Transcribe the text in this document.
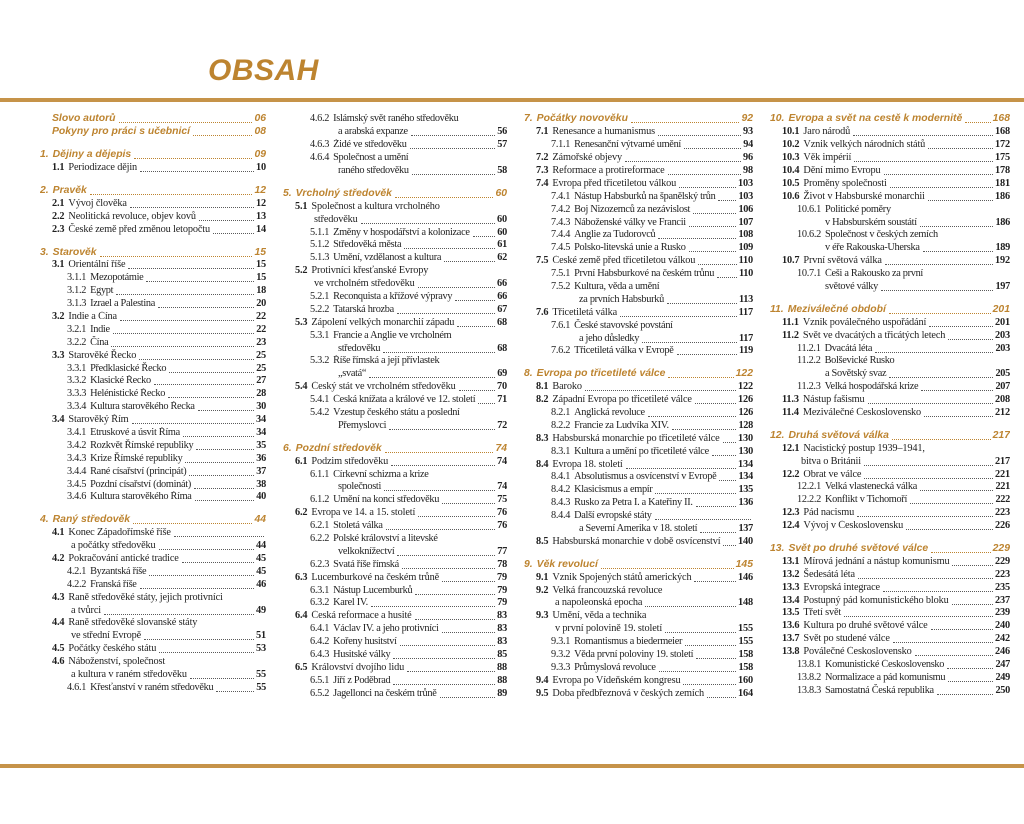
OBSAH
Slovo autorů	06
Pokyny pro práci s učebnicí	08
1. Dějiny a dějepis	09
1.1 Periodizace dějin	10
2. Pravěk	12
2.1 Vývoj člověka	12
2.2 Neolitická revoluce, objev kovů	13
2.3 České země před změnou letopočtu	14
3. Starověk	15
3.1 Orientální říše	15
3.1.1 Mezopotámie	15
3.1.2 Egypt	18
3.1.3 Izrael a Palestina	20
3.2 Indie a Čína	22
3.2.1 Indie	22
3.2.2 Čína	23
3.3 Starověké Řecko	25
3.3.1 Předklasické Řecko	25
3.3.2 Klasické Řecko	27
3.3.3 Helénistické Řecko	28
3.3.4 Kultura starověkého Řecka	30
3.4 Starověký Řím	34
3.4.1 Etruskové a úsvit Říma	34
3.4.2 Rozkvět Římské republiky	35
3.4.3 Krize Římské republiky	36
3.4.4 Rané císařství (principát)	37
3.4.5 Pozdní císařství (dominát)	38
3.4.6 Kultura starověkého Říma	40
4. Raný středověk	44
4.1 Konec Západořímské říše
a počátky středověku	44
4.2 Pokračování antické tradice	45
4.2.1 Byzantská říše	45
4.2.2 Franská říše	46
4.3 Raně středověké státy, jejich protivníci
a tvůrci	49
4.4 Raně středověké slovanské státy
ve střední Evropě	51
4.5 Počátky českého státu	53
4.6 Náboženství, společnost
a kultura v raném středověku	55
4.6.1 Křesťanství v raném středověku	55
4.6.2 Islámský svět raného středověku
a arabská expanze	56
4.6.3 Židé ve středověku	57
4.6.4 Společnost a umění
raného středověku	58
5. Vrcholný středověk	60
5.1 Společnost a kultura vrcholného
středověku	60
5.1.1 Změny v hospodářství a kolonizace	60
5.1.2 Středověká města	61
5.1.3 Umění, vzdělanost a kultura	62
5.2 Protivníci křesťanské Evropy
ve vrcholném středověku	66
5.2.1 Reconquista a křížové výpravy	66
5.2.2 Tatarská hrozba	67
5.3 Zápolení velkých monarchií západu	68
5.3.1 Francie a Anglie ve vrcholném
středověku	68
5.3.2 Říše římská a její přívlastek
„svatá“	69
5.4 Český stát ve vrcholném středověku	70
5.4.1 Česká knížata a králové ve 12. století 71
5.4.2 Vzestup českého státu a poslední
Přemyslovci	72
6. Pozdní středověk	74
6.1 Podzim středověku	74
6.1.1 Církevní schizma a krize
společnosti	74
6.1.2 Umění na konci středověku	75
6.2 Evropa ve 14. a 15. století	76
6.2.1 Stoletá válka	76
6.2.2 Polské království a litevské
velkoknížectví	77
6.2.3 Svatá říše římská	78
6.3 Lucemburkové na českém trůně	79
6.3.1 Nástup Lucemburků	79
6.3.2 Karel IV.	79
6.4 Česká reformace a husité	83
6.4.1 Václav IV. a jeho protivníci	83
6.4.2 Kořeny husitství	83
6.4.3 Husitské války	85
6.5 Království dvojího lidu	88
6.5.1 Jiří z Poděbrad	88
6.5.2 Jagellonci na českém trůně	89
7. Počátky novověku	92
7.1 Renesance a humanismus	93
7.1.1 Renesanční výtvarné umění	94
7.2 Zámořské objevy	96
7.3 Reformace a protireformace	98
7.4 Evropa před třicetiletou válkou	103
7.4.1 Nástup Habsburků na španělský trůn 103
7.4.2 Boj Nizozemců za nezávislost	106
7.4.3 Náboženské války ve Francii	107
7.4.4 Anglie za Tudorovců	108
7.4.5 Polsko-litevská unie a Rusko	109
7.5 České země před třicetiletou válkou	110
7.5.1 První Habsburkové na českém trůnu 110
7.5.2 Kultura, věda a umění
za prvních Habsburků	113
7.6 Třicetiletá válka	117
7.6.1 České stavovské povstání
a jeho důsledky	117
7.6.2 Třicetiletá válka v Evropě	119
8. Evropa po třicetileté válce	122
8.1 Baroko	122
8.2 Západní Evropa po třicetileté válce	126
8.2.1 Anglická revoluce	126
8.2.2 Francie za Ludvíka XIV.	128
8.3 Habsburská monarchie po třicetileté válce 130
8.3.1 Kultura a umění po třicetileté válce	130
8.4 Evropa 18. století	134
8.4.1 Absolutismus a osvícenství v Evropě 134
8.4.2 Klasicismus a empír	135
8.4.3 Rusko za Petra I. a Kateřiny II.	136
8.4.4 Další evropské státy
a Severní Amerika v 18. století	137
8.5 Habsburská monarchie v době osvícenství 140
9. Věk revolucí	145
9.1 Vznik Spojených států amerických	146
9.2 Velká francouzská revoluce
a napoleonská epocha	148
9.3 Umění, věda a technika
v první polovině 19. století	155
9.3.1 Romantismus a biedermeier	155
9.3.2 Věda první poloviny 19. století	158
9.3.3 Průmyslová revoluce	158
9.4 Evropa po Vídeňském kongresu	160
9.5 Doba předbřeznová v českých zemích	164
10. Evropa a svět na cestě k modernitě	168
10.1 Jaro národů	168
10.2 Vznik velkých národních států	172
10.3 Věk impérií	175
10.4 Dění mimo Evropu	178
10.5 Proměny společnosti	181
10.6 Život v Habsburské monarchii	186
10.6.1 Politické poměry
v Habsburském soustátí	186
10.6.2 Společnost v českých zemích
v éře Rakouska-Uherska	189
10.7 První světová válka	192
10.7.1 Češi a Rakousko za první
světové války	197
11. Meziválečné období	201
11.1 Vznik poválečného uspořádání	201
11.2 Svět ve dvacátých a třicátých letech	203
11.2.1 Dvacátá léta	203
11.2.2 Bolševické Rusko
a Sovětský svaz	205
11.2.3 Velká hospodářská krize	207
11.3 Nástup fašismu	208
11.4 Meziválečné Československo	212
12. Druhá světová válka	217
12.1 Nacistický postup 1939–1941,
bitva o Británii	217
12.2 Obrat ve válce	221
12.2.1 Velká vlastenecká válka	221
12.2.2 Konflikt v Tichomoří	222
12.3 Pád nacismu	223
12.4 Vývoj v Československu	226
13. Svět po druhé světové válce	229
13.1 Mírová jednání a nástup komunismu	229
13.2 Šedesátá léta	223
13.3 Evropská integrace	235
13.4 Postupný pád komunistického bloku	237
13.5 Třetí svět	239
13.6 Kultura po druhé světové válce	240
13.7 Svět po studené válce	242
13.8 Poválečné Československo	246
13.8.1 Komunistické Československo	247
13.8.2 Normalizace a pád komunismu	249
13.8.3 Samostatná Česká republika	250
